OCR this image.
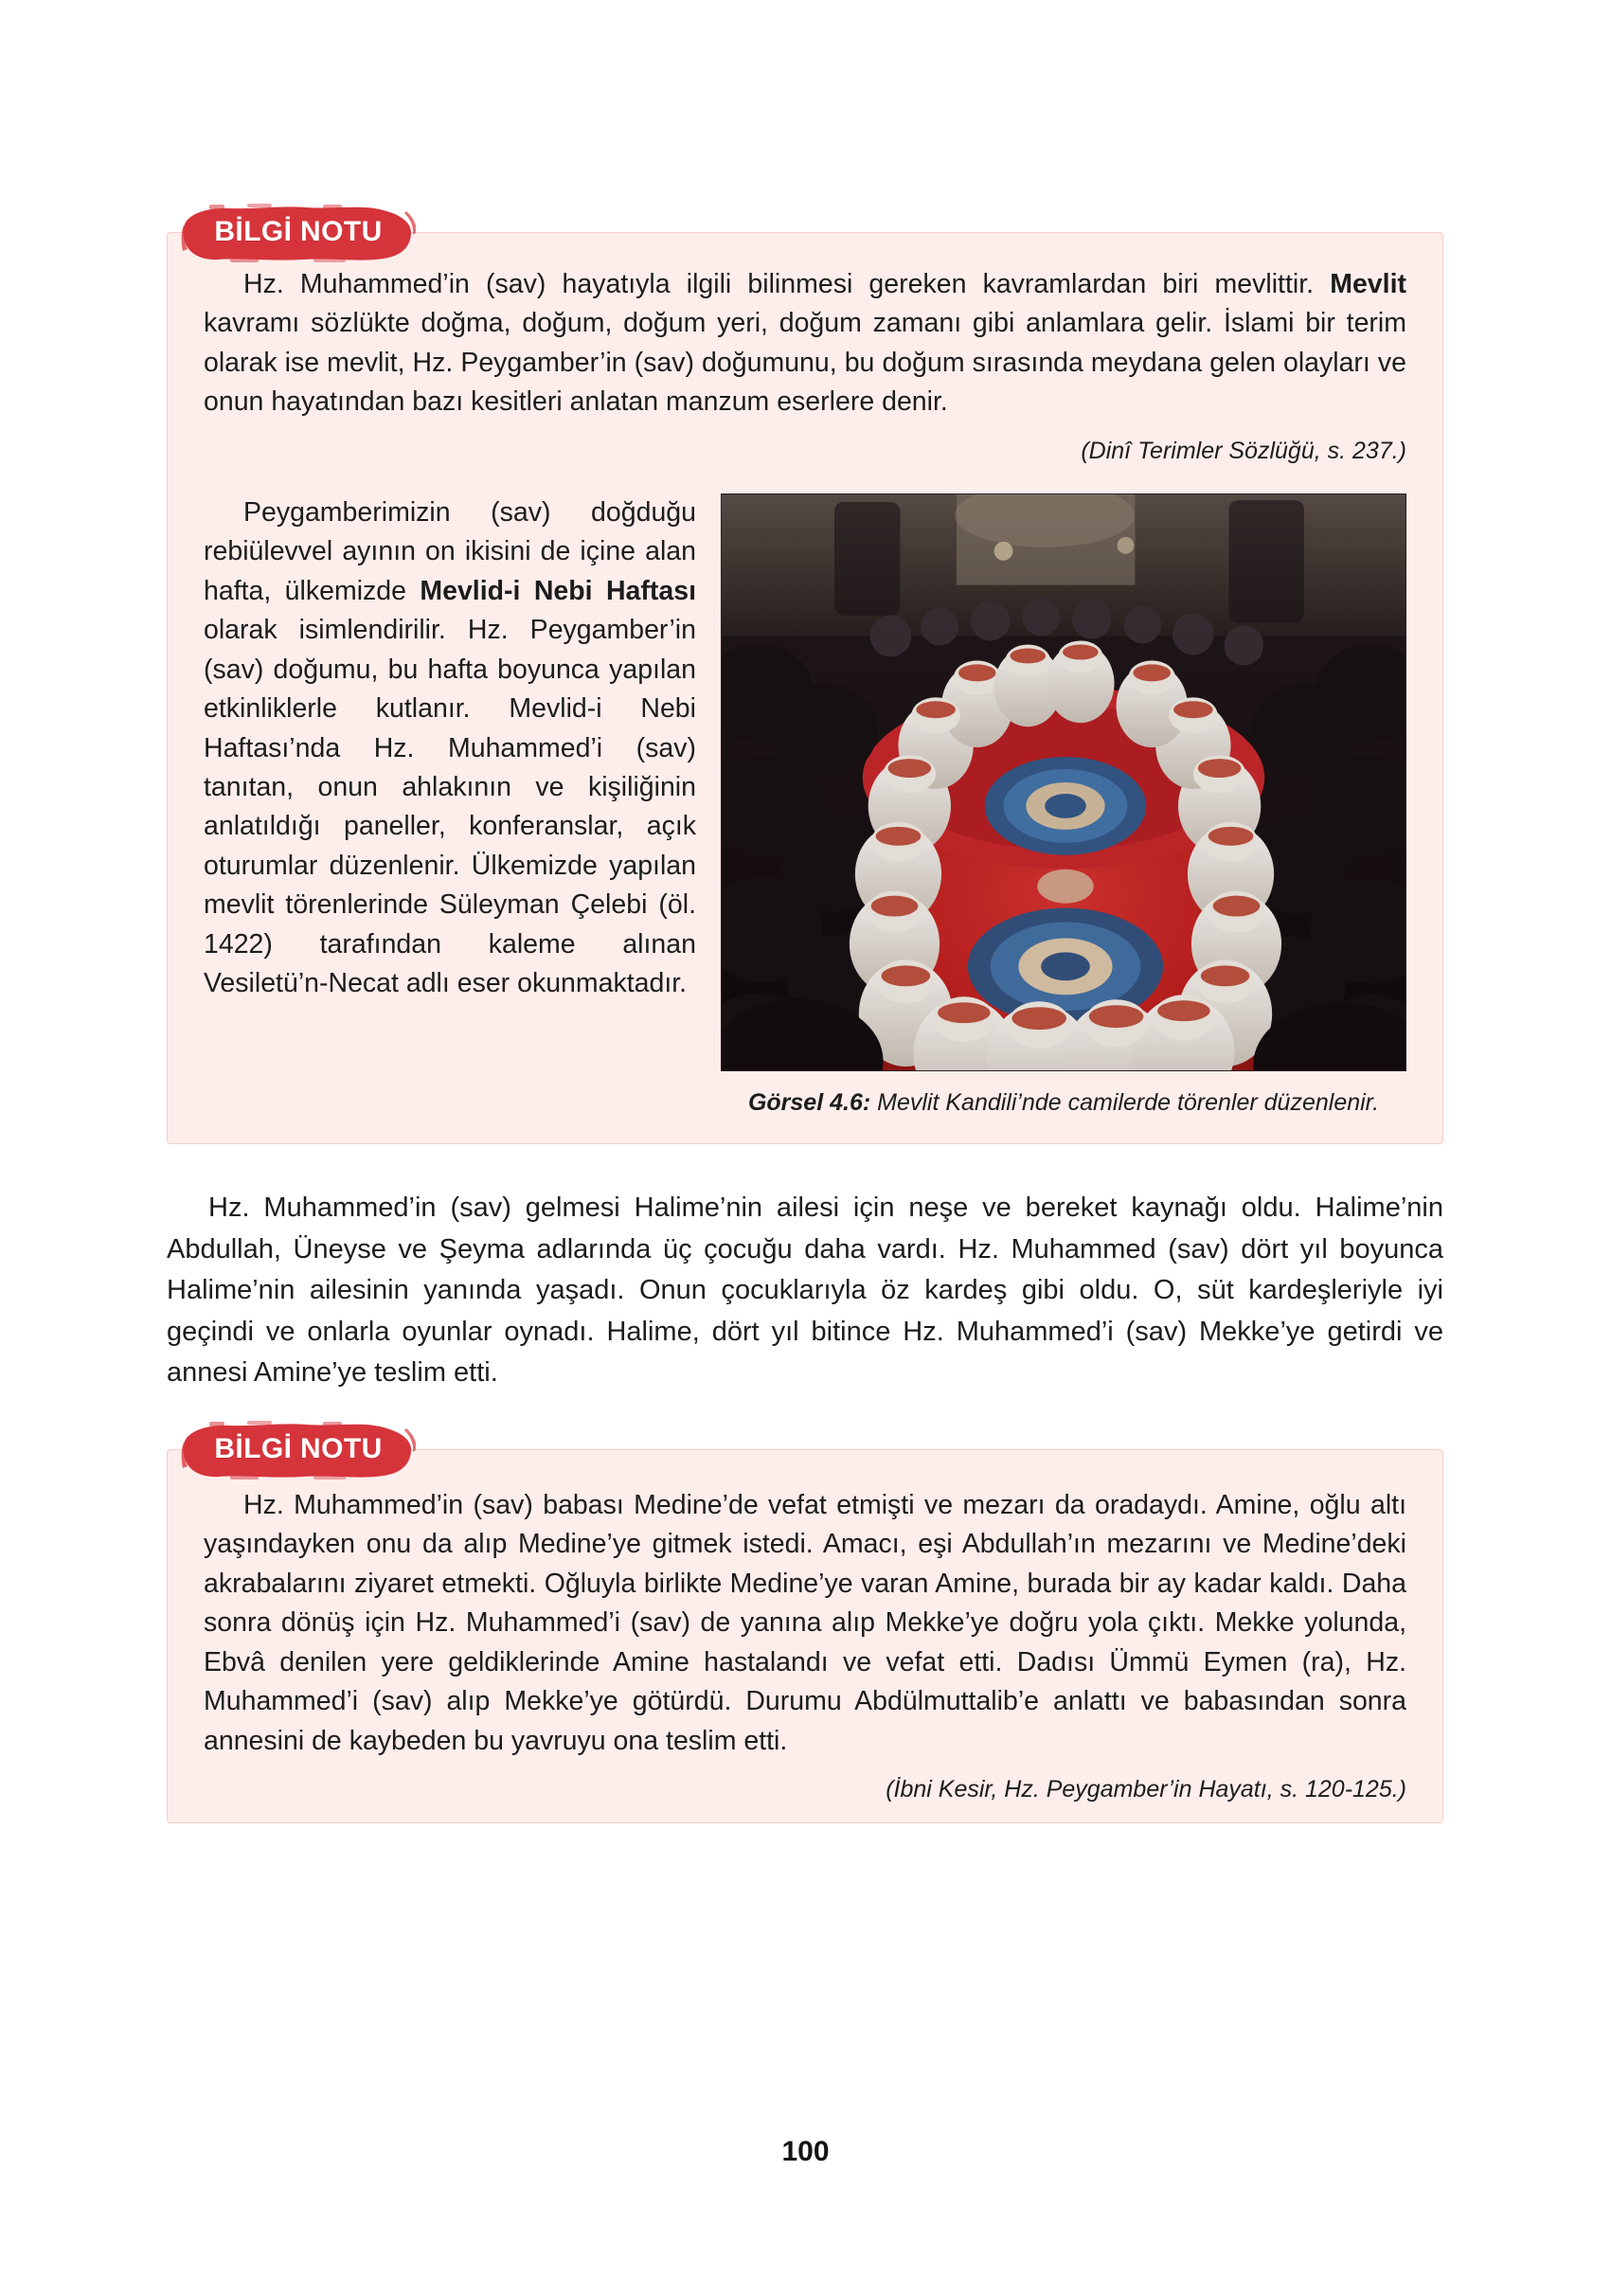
BİLGİ NOTU

Hz. Muhammed’in (sav) hayatıyla ilgili bilinmesi gereken kavramlardan biri mevlittir. Mevlit kavramı sözlükte doğma, doğum, doğum yeri, doğum zamanı gibi anlamlara gelir. İslami bir terim olarak ise mevlit, Hz. Peygamber’in (sav) doğumunu, bu doğum sırasında meydana gelen olayları ve onun hayatından bazı kesitleri anlatan manzum eserlere denir.

(Dinî Terimler Sözlüğü, s. 237.)

Peygamberimizin (sav) doğduğu rebiülevvel ayının on ikisini de içine alan hafta, ülkemizde Mevlid-i Nebi Haftası olarak isimlendirilir. Hz. Peygamber’in (sav) doğumu, bu hafta boyunca yapılan etkinliklerle kutlanır. Mevlid-i Nebi Haftası’nda Hz. Muhammed’i (sav) tanıtan, onun ahlakının ve kişiliğinin anlatıldığı paneller, konferanslar, açık oturumlar düzenlenir. Ülkemizde yapılan mevlit törenlerinde Süleyman Çelebi (öl. 1422) tarafından kaleme alınan Vesiletü’n-Necat adlı eser okunmaktadır.

Görsel 4.6: Mevlit Kandili’nde camilerde törenler düzenlenir.

Hz. Muhammed’in (sav) gelmesi Halime’nin ailesi için neşe ve bereket kaynağı oldu. Halime’nin Abdullah, Üneyse ve Şeyma adlarında üç çocuğu daha vardı. Hz. Muhammed (sav) dört yıl boyunca Halime’nin ailesinin yanında yaşadı. Onun çocuklarıyla öz kardeş gibi oldu. O, süt kardeşleriyle iyi geçindi ve onlarla oyunlar oynadı. Halime, dört yıl bitince Hz. Muhammed’i (sav) Mekke’ye getirdi ve annesi Amine’ye teslim etti.

BİLGİ NOTU

Hz. Muhammed’in (sav) babası Medine’de vefat etmişti ve mezarı da oradaydı. Amine, oğlu altı yaşındayken onu da alıp Medine’ye gitmek istedi. Amacı, eşi Abdullah’ın mezarını ve Medine’deki akrabalarını ziyaret etmekti. Oğluyla birlikte Medine’ye varan Amine, burada bir ay kadar kaldı. Daha sonra dönüş için Hz. Muhammed’i (sav) de yanına alıp Mekke’ye doğru yola çıktı. Mekke yolunda, Ebvâ denilen yere geldiklerinde Amine hastalandı ve vefat etti. Dadısı Ümmü Eymen (ra), Hz. Muhammed’i (sav) alıp Mekke’ye götürdü. Durumu Abdülmuttalib’e anlattı ve babasından sonra annesini de kaybeden bu yavruyu ona teslim etti.

(İbni Kesir, Hz. Peygamber’in Hayatı, s. 120-125.)
100
